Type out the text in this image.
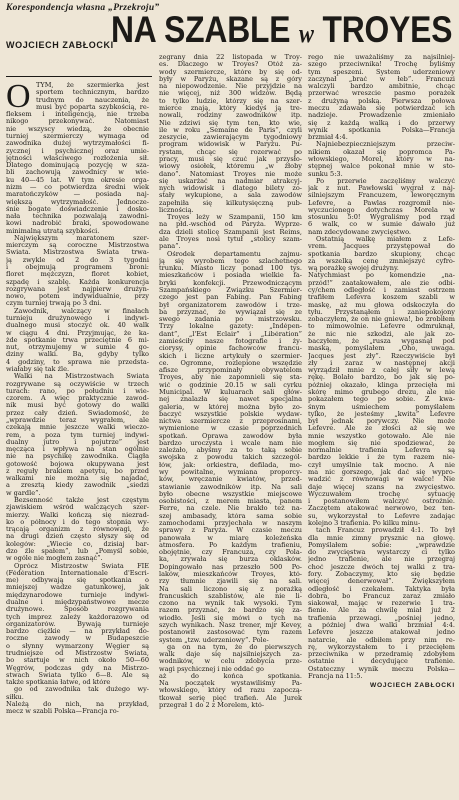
Korespondencja własna „Przekroju”
WOJCIECH ZABŁOCKI
NA SZABLE w TROYES
O TYM, że szermierka jest
sportem technicznym, bardzo
trudnym do nauczenia, że
musi być poparta szybkością, re-
fleksem i inteligencją, nie trzeba
nikogo przekonywać. Natomiast
nie wszyscy wiedzą, że obecnie
turniej szermierczy wymaga od
zawodnika dużej wytrzymałości fi-
zycznej i psychicznej oraz umie-
jętności właściwego rozłożenia sił.
Dlatego dominującą pozycję w sza-
bli zachowują zawodnicy w wie-
ku 40—45 lat. W tym okresie orga-
nizm — co potwierdza średni wiek
maratończyków — posiada naj-
większą wytrzymałość. Jednocze-
śnie bogate doświadczenie i dosko-
nała technika pozwalają zawodni-
kowi nadrobić braki, spowodowane
minimalną utratą szybkości.
Największym maratonem szer-
mierczym są coroczne Mistrzostwa
Świata. Mistrzostwa Świata trwa-
ją zwykle od 2 do 3 tygodni
i obejmują programem broni:
floret mężczyzn, floret kobiet,
szpadę i szablę. Każda konkurencja
rozgrywana jest najpierw drużyn-
nowo, potem indywidualnie, przy
czym turniej trwają po 3 dni.
Zawodnik, walczący w finałach
turnieju drużynowego i indywi-
dualnego musi stoczyć ok. 40 walk
w ciągu 4 dni. Przyjmując, że ka-
żde spotkanie trwa przeciętnie 6 mi-
nut, otrzymujemy w sumie 4 go-
dziny walki. Ba, gdyby tylko
4 godziny, to sprawa nie przedsta-
wiałaby się tak źle.
Walki na Mistrzostwach Świata
rozgrywane są oczywiście w trzech
turach: rano, po południu i wie-
czorem. A więc praktycznie zawod-
nik musi być gotowy do walki
przez cały dzień. Swiadomość, że
„wprawdzie teraz wygrałem, ale
czekają mnie jeszcze walki wieczo-
rem, a poza tym turniej indywi-
dualny jutro i pojutrze” jest
męcząca i wpływa na stan ogólnie
nie na psychikę zawodnika. Ciągła
gotowość bojowa okupywana jest
z reguły brakiem apetytu, bo przed
walkami nie można się najadać,
a zresztą kiedy zawodnik „siedzi
w gardle”.
Bezsenność także jest częstym
zjawiskiem wśród walczących szer-
mierzy. Walki kończą się niezrad-
ko o północy i do tego stopnia wy-
trącają organizm z równowagi, że
na drugi dzień często słyszy się od
kolegów: „Wiecie co, dzisiaj bar-
dzo źle spałem”, lub „Pomyśl sobie,
w ogóle nie mogłem zasnąć”.
Oprócz Mistrzostw Świata FIE
(Fédération Internationale d'Escri-
me) odbywają się spotkania o
mniejszej wadze gatunkowej, jak
międzynarodowe turnieje indywi-
dualne i międzypaństwowe mecze
drużynowe. Sposób rozgrywania
tych imprez zależy każdorazowo od
organizatorów. Bywają turnieje
bardzo ciężkie — na przykład do-
roczne zawody w Budapeszcie
o słynny wymarzony Węgier są
trudniejsze od Mistrzostw Świata,
bo startuje w nich około 50—60
Węgrów, podczas gdy na Mistrzo-
stwach Świata tylko 6—8. Ale są
także spotkania łatwe, od które
go od zawodnika tak dużego wy-
siłku.
Należą do nich, na przykład,
mecz w szabli Polska—Francja ro-
zegrany dnia 22 listopada w Troy-
es. Dlaczego w Troyes? Otóż za-
wody szermiercze, które by się od-
były w Paryżu, skazane są z góry
na niepowodzenie. Nie przyjdzie na
nie więcej, niż 300 widzów. Będą
to tylko ludzie, którzy się na szer-
mierce znają, który kiedyś ją tre-
nowali, rodziny zawodników itp.
Nie zdziwi się tym ten, kto wie,
ile w roku „Semaine de Paris”, czyli
zeszycie, zawierającym tygodniowy
program widowisk w Paryżu. Pu-
rystam, chcąc się rozerwać po
pracy, musi się czuć jak przysło-
wiowy osiołek, któremu „w żłoby
dano”. Natomiast Troyes nie może
się uskarżać na nadmiar atrakcyj-
nych widowisk i dlatego bilety zo-
stały wykupione, a sala zawodów
zapełniła się kilkutysięczną pub-
licznością.
Troyes leży w Szampanii, 150 km
na płd.-wschód od Paryża. Wyprze-
dza dzieli stolicę Szampanii jest Reims,
ale Troyes nosi tytuł „stolicy szam-
pana”.
Ośrodek departamentu zajmu-
ją się wyrobem tego szlachetnego
trunku. Miasto liczy ponad 100 tys.
mieszkańców i posiada wielkie fa-
bryki konfekcji. Przewodniczącym
Szampańskiego Związku Szermier-
czego jest pan Fabing. Pan Fabing
był organizatorem zawodów i trze-
ba przyznać, że wywiązał się ze
swego zadania po mistrzowsku.
Trzy lokalne gazety: „Indépen-
dant”, „l'Est Eclair” i „Libération”
zamieściły nasze fotografie i ży-
ciorysy, opinie fachowców francu-
skich i liczne artykuły o szermier-
ce. Ogromne, rozlepione wszędzie
afisze przypominały obywatelom
Troyes, aby nie zapomnieli się sta-
wić o godzinie 20.15 w sali cyrku
Municipal. W kuluarach sali głów-
nej znalazła się nawet specjalna
galeria, w której można było zo-
baczyć wszystkie polskie wydaw-
nictwa szermiercze z przeprosinami,
wymienione w czasie poprzednich
spotkań. Oprawa zawodów była
bardzo uroczysta i wcale nam nie
zależało, abyśmy za to taką sobie
swojska z powodu takich szczegól-
łów, jak: orkiestra, defilada, mo-
wy powitalne, wymiana proporcy-
ków, wręczanie kwiatów, przed-
stawianie zawodników itp. Na sali
było obecne wszystkie miejscowe
osobistości, z merem miasta, panem
Ferre, na czele. Nie brakło też na-
szej ambasady, która sama sobie
zamochodami przyjechała w naszym
sprawy z Paryża. W czasie meczu
panowała w miarę koleżeńska
atmosfera. Po każdym trafieniu,
obojętnie, czy Francuza, czy Pola-
ka, zrywała się burza oklasków.
Dopingowało nas przeszło 500 Po-
laków, mieszkańców Troyes, któ-
rzy tłumnie zjawili się na sali.
Na sali liczono się z porażką
francuskich szablistów, ale nie li-
czono na wynik tak wysoki. Tym
razem przyznać, że bardzo się za-
wiodło. Jeśli się mówi o tych na
szych wynikach. Nasz trener, mjr Kevey,
postanowił zastosować tym razem
system „tzw. uderzeniowy”. Pole-
ga on na tym, że do pierwszych
walk daje się najsilniejszych za-
wodników, w celu zdobycia prze-
wagi psychicznej i nie oddać go
aż do końca spotkania.
Na początek wystawiliśmy Pa-
włowskiego, który od razu zapoczą-
tkował serię pięć trafień. Ale Jurek
przegrał 1 do 2 z Morelem, któ-
rego nie uważaliśmy za najsilniej-
szego przeciwnika! Trochę byliśmy
tym speszeni. System uderzeniowy
zaczynał „brać w łeb”. Francuzi
walczyli bardzo ambitnie, chcąc
przerwać wreszcie pasmo porażek
z drużyną polską. Pierwsza połowa
meczu zdawała się potwierdzać ich
nadzieje. Prowadzenie zmieniało
się z każdą walką i do przerwy
wynik spotkania Polska—Francja
brzmiał 4:4.
Najniebezpieczniejszym przeciw-
nikiem okazał się popromca Pa-
włowskiego, Morel, który w na-
stępnej walce pokonał mnie w sto-
sunku 5:3.
Po przerwie zaczęliśmy walczyć
jak z nut. Pawłowski wygrał z naj-
silniejszym Francuzem, leworęcznym
Lefevre, a Pawlas rozgromił nie-
wyczucionego dotychczas Morela w
stosunku 5:0! Wygraliśmy pod rząd
6 walk, co w sumie dawało już
nam zdecydowane zwycięstwo.
Ostatnią walkę miałem z Lefe-
vrem. Jacques przystępował do
spotkania bardzo skupiony, chcąc
za wszelką cenę zmniejszyć cyfro-
wą porażkę swojej drużyny.
Natychmiast po komendzie „na-
przód!” zaatakowałem, ale zie odbi-
cy/chem odległość i zamiast ostrzem
trafiłem Lefevra koszem szabli w
maskę, aż mu głowa odskoczyła do
tyłu. Przystanąłem i zaniepokojony
zobaczyłem, że on nie gniewa!, bo zrobiłem
to mimowolnie. Lefevre odmruknął,
że nic nie szkodzi, ale jak zo-
baczyłem, że „rusza wygasnął pod
maską, pomyślałem „Oho, uwaga.
Jacques jest zły”. Rzeczywiście był
zły i zaraz w następnej akcji
wyrządził mnie z całej siły w lewą
rękę. Bolało bardzo, bo jak się po-
później okazało, klinga przecięła mi
skórę mimo grubego drezu, ale nie
pokazałem tego po sobie. Z kwa-
śnym uśmiechem pomyślałem
tylko, że jesteśmy „kwita” Lefevre
był jednak porywczy. Nie może
Lefevre. Ale ze złości aż się we
mnie wszystko gotowało. Ale nie
mogłem się nie spodziewać, że
normalnie trafienia Lefevra są
bardzo lekkie i że tym razem nie-
czył umyślnie tak mocno. A nie
ma nic gorszego, jak dać się wypro-
wadzić z równowagi w walce! Nie
daje więcej szans na zwycięstwo.
Wyczuwałem trochę sytuację
i postanowiłem walczyć ostrożnie.
Zaczętem atakować nerwowo, bez ten-
su, wykorzystał to Lefevre zadając
kolejno 3 trafienia. Po kilku minu-
tach Francuz prowadził 4:1. To był
dla mnie zimny prysznic na głowę.
Pomyślałem sobie: „wprawdzie
do zwycięstwa wystarczy ci tylko
jedno trafienie, ale nie przegraj
choć jeszcze dwóch tej walki z tra-
fory. Zobaczymy, kto się będzie
więcej denerwował”. Zwiększyłem
odległość i czekałem. Taktyka była
dobra, bo Francuz zaraz zmiało
siakował, mając w rezerwie 1 tra-
fienie. Ale za chwilę miał już 2
trafienia przewagi. „pośniej jedno,
a później dwa walki brzmiał 4:4.
Lefevre jeszcze atakował jedno
natarcie, ale odbiłem przy nim re-
rę, wykorzystałem to i przecięłem
przeciwnika w przedramię zdobyłem
ostatnie i decydujące trafienie.
Ostateczny wynik meczu Polska—
Francja na 11:5.
WOJCIECH ZABŁOCKI
